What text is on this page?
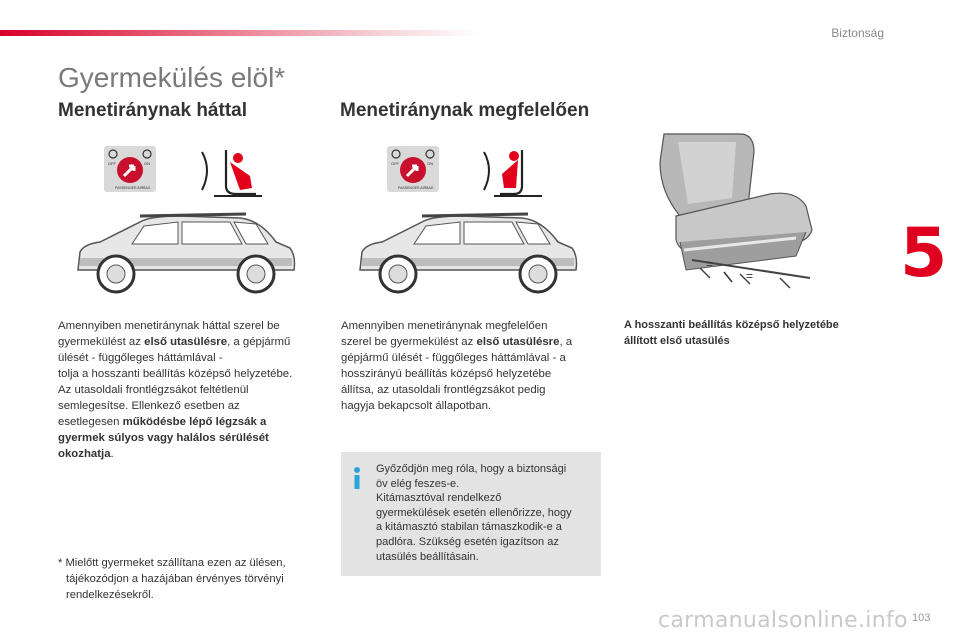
Biztonság
5
Gyermekülés elöl*
Menetiránynak háttal	Menetiránynak megfelelően
OFF	ON
PASSENGER AIRBAG
OFF	ON
PASSENGER AIRBAG
=
=
Amennyiben menetiránynak háttal szerel be
gyermekülést az első utasülésre, a gépjármű
ülését - függőleges háttámlával -
tolja a hosszanti beállítás középső helyzetébe.
Az utasoldali frontlégzsákot feltétlenül
semlegesítse. Ellenkező esetben az
esetlegesen működésbe lépő légzsák a
gyermek súlyos vagy halálos sérülését
okozhatja.
Amennyiben menetiránynak megfelelően
szerel be gyermekülést az első utasülésre, a
gépjármű ülését - függőleges háttámlával - a
hosszirányú beállítás középső helyzetébe
állítsa, az utasoldali frontlégzsákot pedig
hagyja bekapcsolt állapotban.
A hosszanti beállítás középső helyzetébe
állított első utasülés
Győződjön meg róla, hogy a biztonsági
öv elég feszes-e.
Kitámasztóval rendelkező
gyermekülések esetén ellenőrizze, hogy
a kitámasztó stabilan támaszkodik-e a
padlóra. Szükség esetén igazítson az
utasülés beállításain.
* Mielőtt gyermeket szállítana ezen az ülésen,
tájékozódjon a hazájában érvényes törvényi
rendelkezésekről.
carmanualsonline.info 103
